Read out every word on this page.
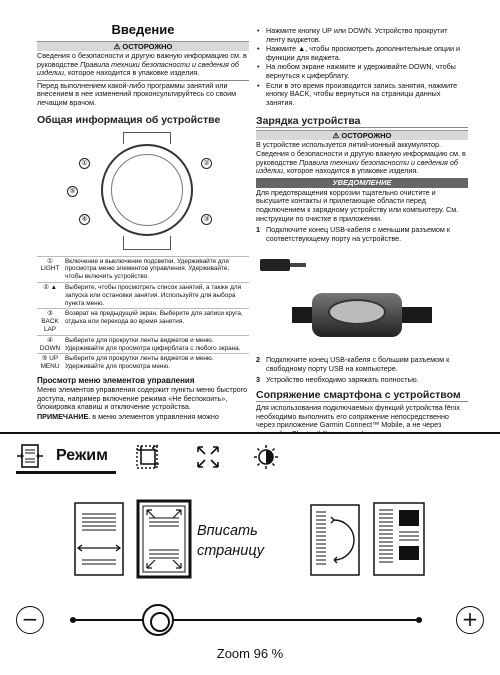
Введение
⚠ ОСТОРОЖНО
Сведения о безопасности и другую важную информацию см. в руководстве Правила техники безопасности и сведения об изделии, которое находится в упаковке изделия.
Перед выполнением какой-либо программы занятий или внесением в нее изменений проконсультируйтесь со своим лечащим врачом.
Общая информация об устройстве
①	②
③
④
⑤
① LIGHT	Включение и выключение подсветки. Удерживайте для просмотра меню элементов управления. Удерживайте, чтобы включить устройство.
② ▲	Выберите, чтобы просмотреть список занятий, а также для запуска или остановки занятия. Используйте для выбора пункта меню.
③ BACK LAP	Возврат на предыдущий экран. Выберите для записи круга, отдыха или перехода во время занятия.
④ DOWN	Выберите для прокрутки ленты виджетов и меню. Удерживайте для просмотра циферблата с любого экрана.
⑤ UP MENU	Выберите для прокрутки ленты виджетов и меню. Удерживайте для просмотра меню.
Просмотр меню элементов управления
Меню элементов управления содержит пункты меню быстрого доступа, например включение режима «Не беспокоить», блокировка клавиш и отключение устройства.
ПРИМЕЧАНИЕ. в меню элементов управления можно
• Нажмите кнопку UP или DOWN. Устройство прокрутит ленту виджетов.
• Нажмите ▲, чтобы просмотреть дополнительные опции и функции для виджета.
• На любом экране нажмите и удерживайте DOWN, чтобы вернуться к циферблату.
• Если в это время производится запись занятия, нажмите кнопку BACK, чтобы вернуться на страницы данных занятия.
Зарядка устройства
⚠ ОСТОРОЖНО
В устройстве используется литий-ионный аккумулятор. Сведения о безопасности и другую важную информацию см. в руководстве Правила техники безопасности и сведения об изделии, которое находится в упаковке изделия.
УВЕДОМЛЕНИЕ
Для предотвращения коррозии тщательно очистите и высушите контакты и прилегающие области перед подключением к зарядному устройству или компьютеру. См. инструкции по очистке в приложении.
1 Подключите конец USB-кабеля с меньшим разъемом к соответствующему порту на устройстве.
2 Подключите конец USB-кабеля с большим разъемом к свободному порту USB на компьютере.
3 Устройство необходимо заряжать полностью.
Сопряжение смартфона с устройством
Для использования подключаемых функций устройства fēnix необходимо выполнить его сопряжение непосредственно через приложение Garmin Connect™ Mobile, а не через
Режим
Вписать
страницу
−	+
Zoom 96 %
